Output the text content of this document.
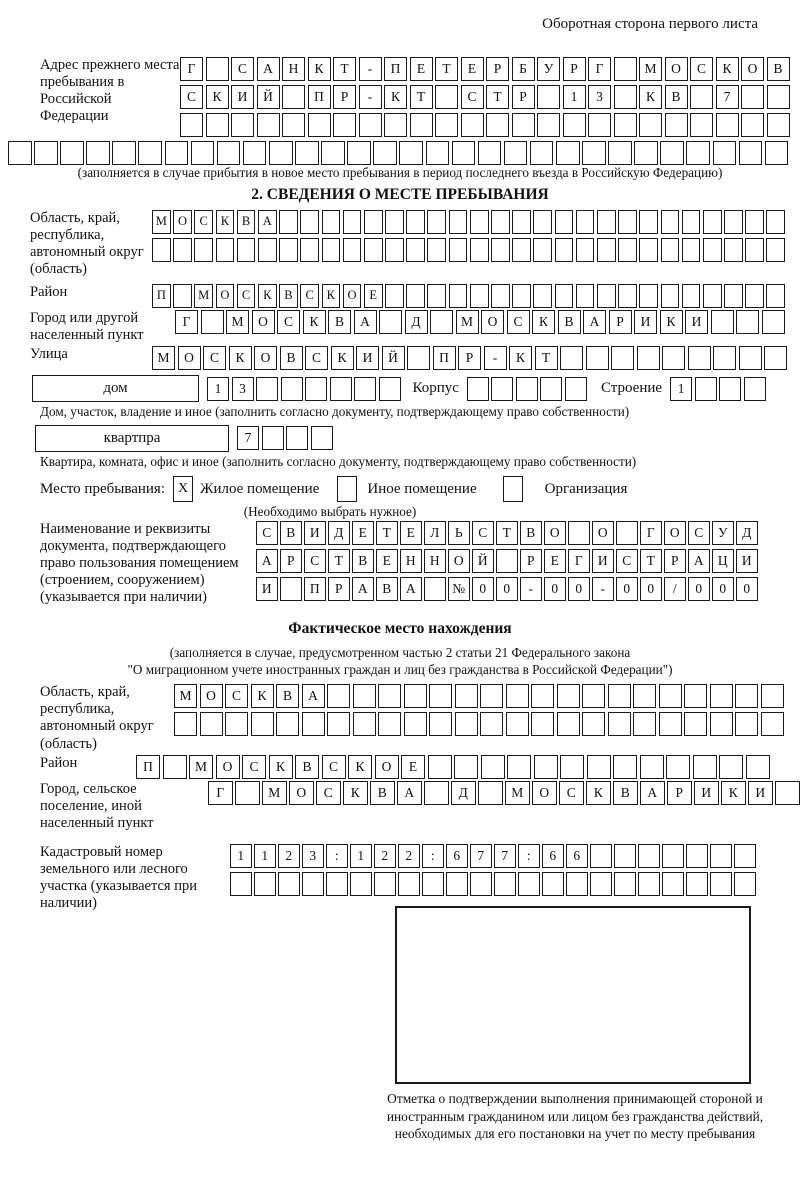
Оборотная сторона первого листа
Адрес прежнего места пребывания в Российской Федерации
Г	С	А	Н	К	Т	-	П	Е	Т	Е	Р	Б	У	Р	Г	М	О	С	К	О	В
С	К	И	Й	П	Р	-	К	Т	С	Т	Р	1	3	К	В	7
(заполняется в случае прибытия в новое место пребывания в период последнего въезда в Российскую Федерацию)
2. СВЕДЕНИЯ О МЕСТЕ ПРЕБЫВАНИЯ
Область, край, республика, автономный округ (область)
М О	С	К	В	А
Район	П	М О	С	К	В	С	К	О	Е
Город или другой населенный пункт
Г	М	О	С	К	В	А	Д	М	О	С	К	В	А	Р	И	К	И
Улица	М	О	С	К	О	В	С	К	И	Й	П	Р	-	К	Т
дом	1	3	Корпус	Строение	1
Дом, участок, владение и иное (заполнить согласно документу, подтверждающему право собственности)
квартпра	7
Квартира, комната, офис и иное (заполнить согласно документу, подтверждающему право собственности)
Место пребывания: X Жилое помещение	Иное помещение	Организация
(Необходимо выбрать нужное)
Наименование и реквизиты документа, подтверждающего право пользования помещением (строением, сооружением) (указывается при наличии)
С	В	И	Д	Е	Т	Е	Л	Ь	С	Т	В	О	О	Г	О	С	У	Д
А	Р	С	Т	В	Е	Н	Н	О	Й	Р	Е	Г	И	С	Т	Р	А	Ц	И
И	П	Р	А	В	А	№	0	0	-	0	0	-	0	0	/	0	0	0
Фактическое место нахождения
(заполняется в случае, предусмотренном частью 2 статьи 21 Федерального закона
"О миграционном учете иностранных граждан и лиц без гражданства в Российской Федерации")
Область, край, республика, автономный округ (область)
М	О	С	К	В	А
Район	П	М	О	С	К	В	С	К	О	Е
Город, сельское поселение, иной населенный пункт
Г	М	О	С	К	В	А	Д	М	О	С	К	В	А	Р	И	К	И
Кадастровый номер земельного или лесного участка (указывается при наличии)
1	1	2	3	:	1	2	2	:	6	7	7	:	6	6
Отметка о подтверждении выполнения принимающей стороной и иностранным гражданином или лицом без гражданства действий, необходимых для его постановки на учет по месту пребывания
